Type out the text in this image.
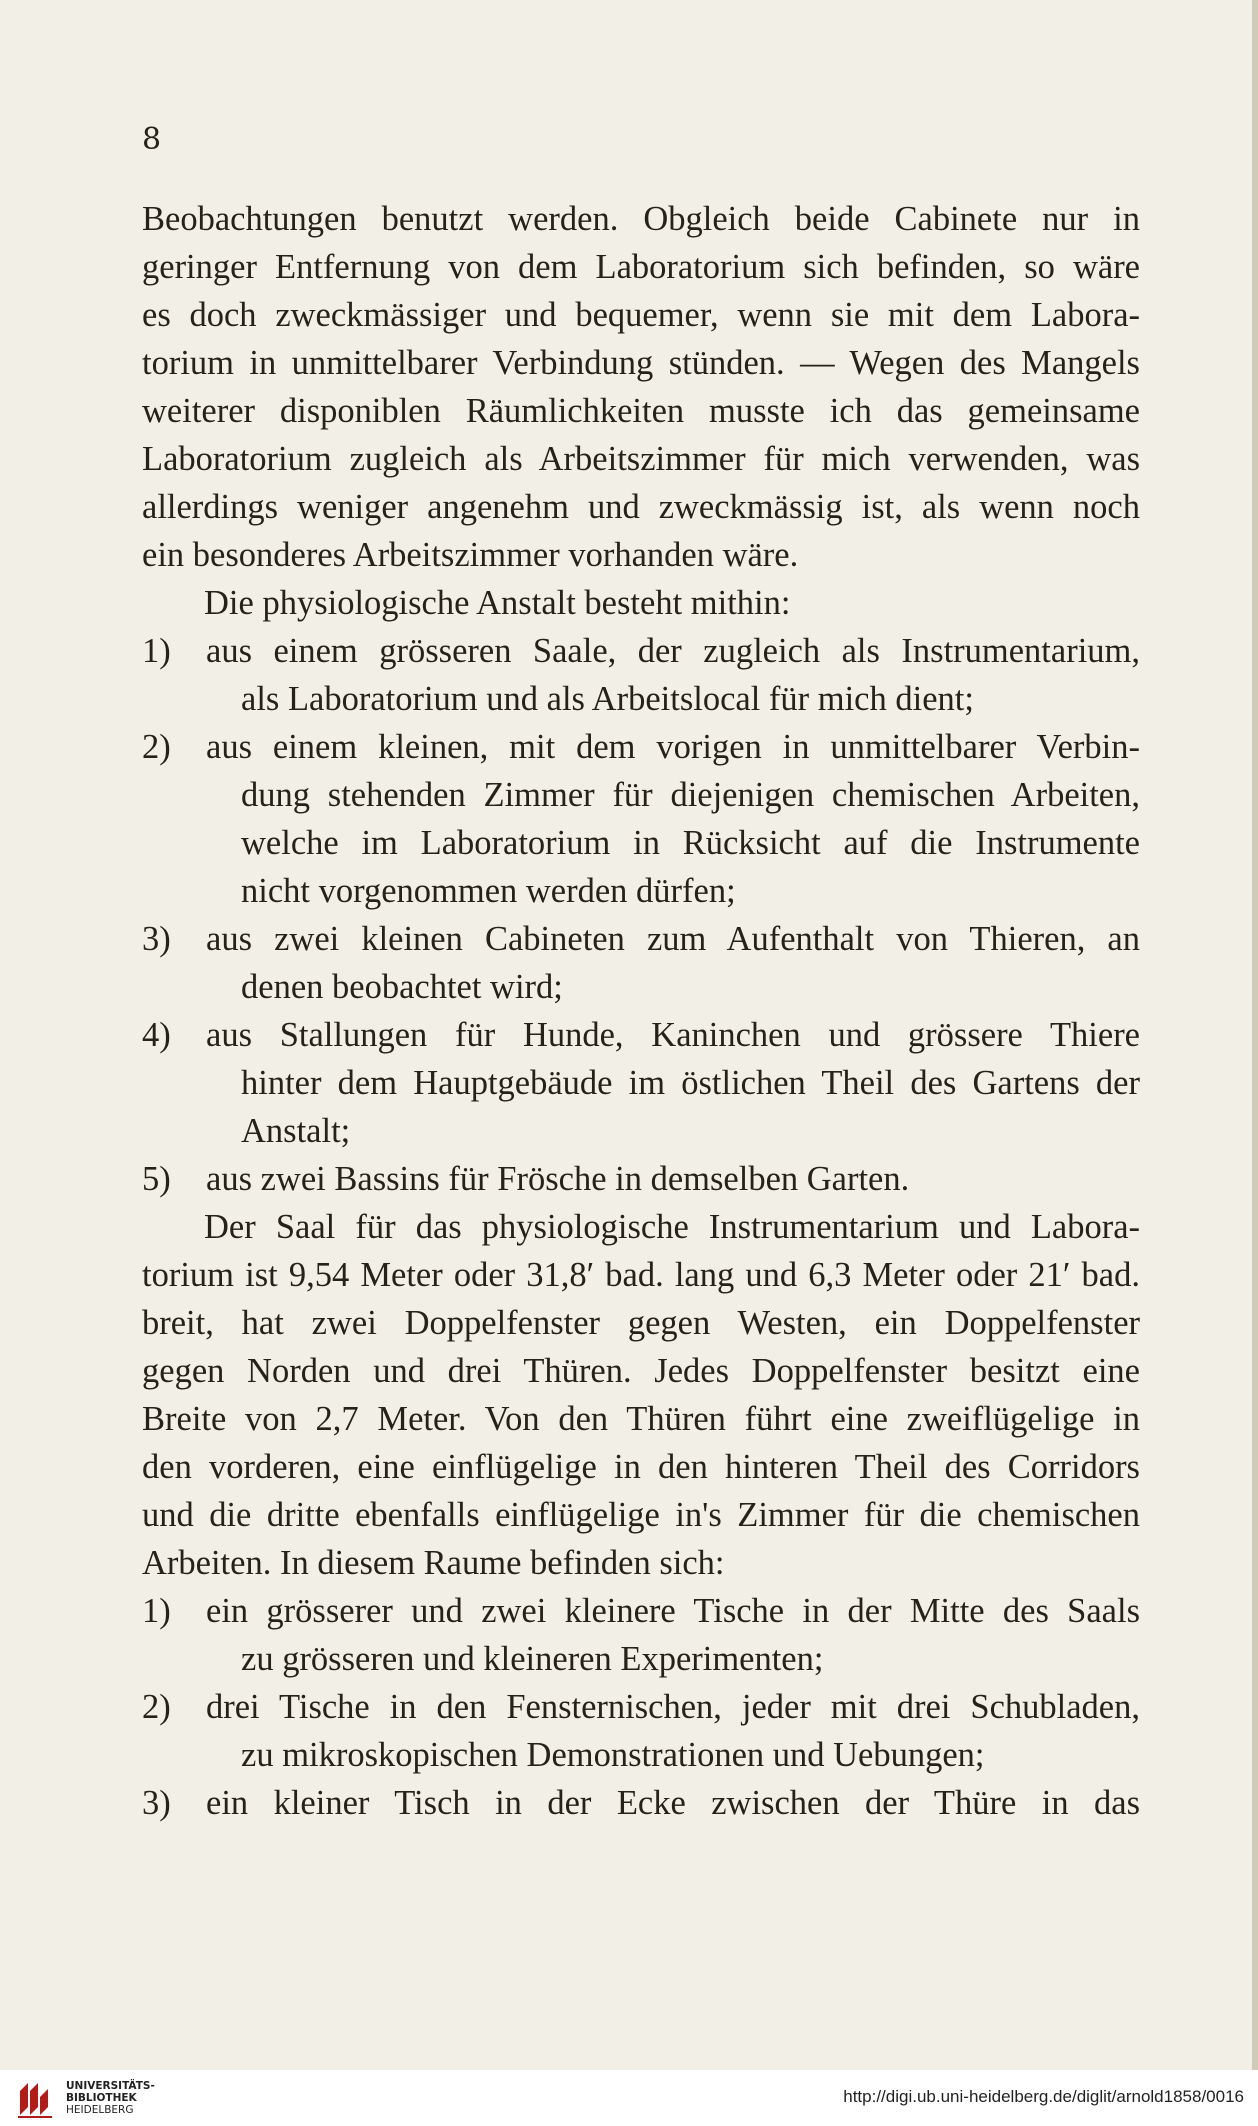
8
Beobachtungen benutzt werden. Obgleich beide Cabinete nur in
geringer Entfernung von dem Laboratorium sich befinden, so wäre
es doch zweckmässiger und bequemer, wenn sie mit dem Labora-
torium in unmittelbarer Verbindung stünden. — Wegen des Mangels
weiterer disponiblen Räumlichkeiten musste ich das gemeinsame
Laboratorium zugleich als Arbeitszimmer für mich verwenden, was
allerdings weniger angenehm und zweckmässig ist, als wenn noch
ein besonderes Arbeitszimmer vorhanden wäre.
Die physiologische Anstalt besteht mithin:
1)	aus einem grösseren Saale, der zugleich als Instrumentarium,
als Laboratorium und als Arbeitslocal für mich dient;
2)	aus einem kleinen, mit dem vorigen in unmittelbarer Verbin-
dung stehenden Zimmer für diejenigen chemischen Arbeiten,
welche im Laboratorium in Rücksicht auf die Instrumente
nicht vorgenommen werden dürfen;
3)	aus zwei kleinen Cabineten zum Aufenthalt von Thieren, an
denen beobachtet wird;
4)	aus Stallungen für Hunde, Kaninchen und grössere Thiere
hinter dem Hauptgebäude im östlichen Theil des Gartens der
Anstalt;
5)	aus zwei Bassins für Frösche in demselben Garten.
Der Saal für das physiologische Instrumentarium und Labora-
torium ist 9,54 Meter oder 31,8′ bad. lang und 6,3 Meter oder 21′ bad.
breit, hat zwei Doppelfenster gegen Westen, ein Doppelfenster
gegen Norden und drei Thüren. Jedes Doppelfenster besitzt eine
Breite von 2,7 Meter. Von den Thüren führt eine zweiflügelige in
den vorderen, eine einflügelige in den hinteren Theil des Corridors
und die dritte ebenfalls einflügelige in's Zimmer für die chemischen
Arbeiten. In diesem Raume befinden sich:
1)	ein grösserer und zwei kleinere Tische in der Mitte des Saals
zu grösseren und kleineren Experimenten;
2)	drei Tische in den Fensternischen, jeder mit drei Schubladen,
zu mikroskopischen Demonstrationen und Uebungen;
3)	ein kleiner Tisch in der Ecke zwischen der Thüre in das
UNIVERSITÄTS-
BIBLIOTHEK
HEIDELBERG
http://digi.ub.uni-heidelberg.de/diglit/arnold1858/0016
